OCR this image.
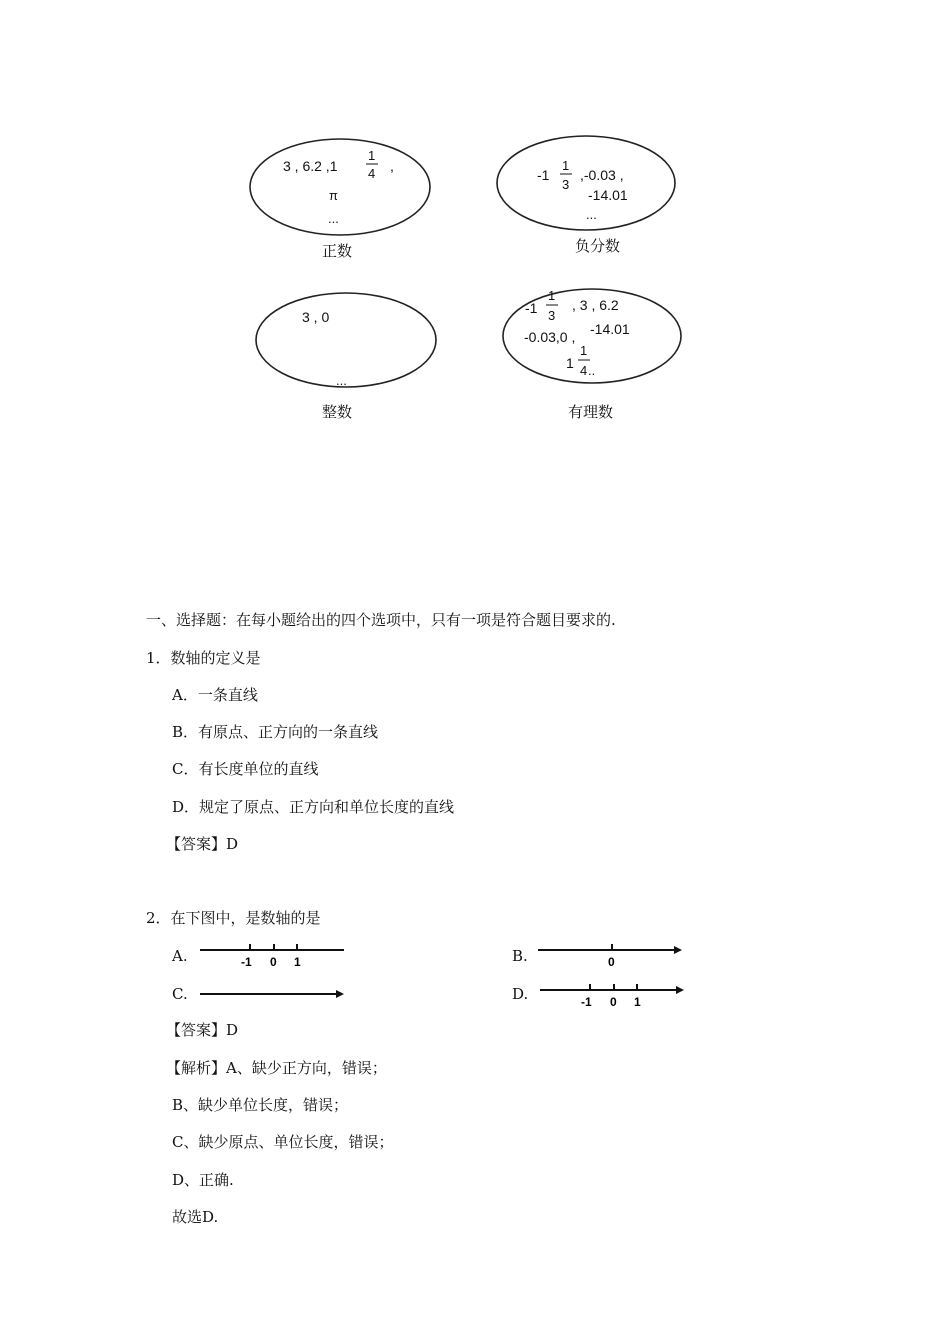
3 , 6.2 ,1
1
4 ,
π
...
正数
-1
1
3
,-0.03 ,
-14.01
...
负分数
3 , 0
...
整数
-1
1
3
, 3 , 6.2
-0.03,0 , -14.01
1
1
4 ..
有理数
一、选择题：在每小题给出的四个选项中，只有一项是符合题目要求的.
1．数轴的定义是
A．一条直线
B．有原点、正方向的一条直线
C．有长度单位的直线
D．规定了原点、正方向和单位长度的直线
【答案】D
2．在下图中，是数轴的是
A.	-1 0 1	B.	0
C.	D.	-1 0 1
【答案】D
【解析】A、缺少正方向，错误；
B、缺少单位长度，错误；
C、缺少原点、单位长度，错误；
D、正确.
故选D.
